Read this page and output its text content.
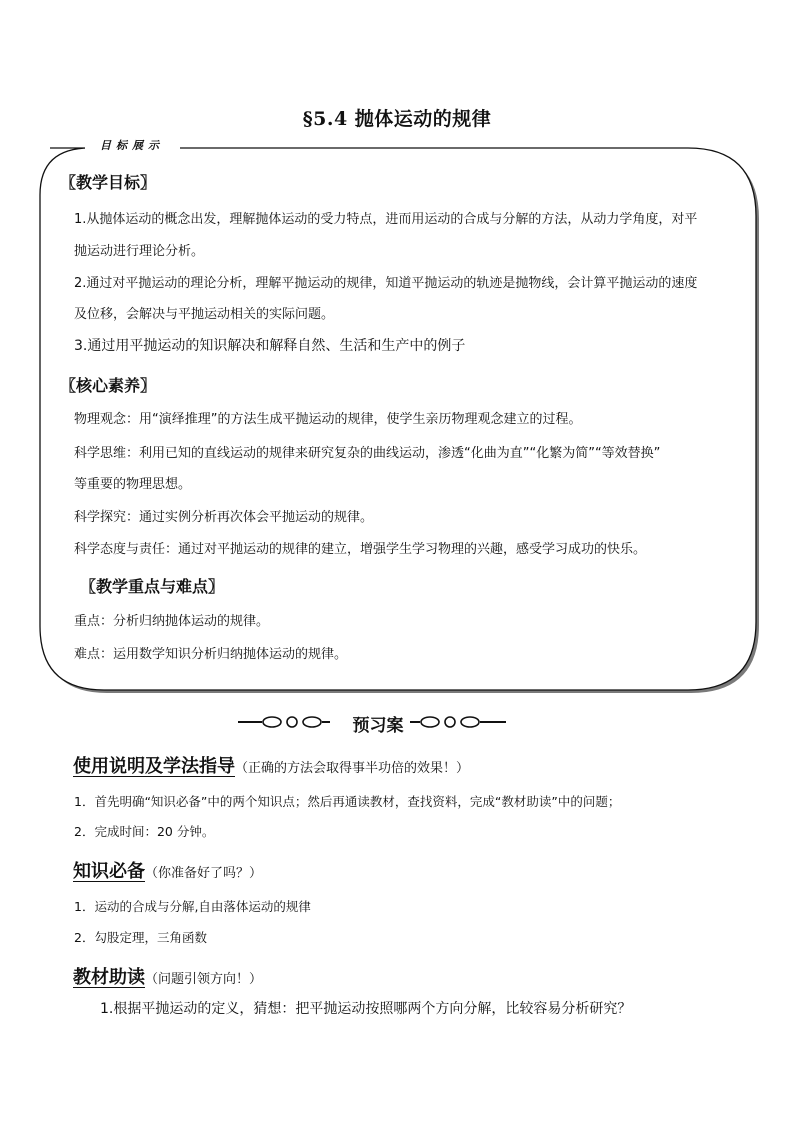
§5.4 抛体运动的规律
目标展示
〖教学目标〗
1.从抛体运动的概念出发，理解抛体运动的受力特点，进而用运动的合成与分解的方法，从动力学角度，对平
抛运动进行理论分析。
2.通过对平抛运动的理论分析，理解平抛运动的规律，知道平抛运动的轨迹是抛物线，会计算平抛运动的速度
及位移，会解决与平抛运动相关的实际问题。
3.通过用平抛运动的知识解决和解释自然、生活和生产中的例子
〖核心素养〗
物理观念：用“演绎推理”的方法生成平抛运动的规律，使学生亲历物理观念建立的过程。
科学思维：利用已知的直线运动的规律来研究复杂的曲线运动，渗透“化曲为直”“化繁为简”“等效替换”
等重要的物理思想。
科学探究：通过实例分析再次体会平抛运动的规律。
科学态度与责任：通过对平抛运动的规律的建立，增强学生学习物理的兴趣，感受学习成功的快乐。
〖教学重点与难点〗
重点：分析归纳抛体运动的规律。
难点：运用数学知识分析归纳抛体运动的规律。
预习案
使用说明及学法指导（正确的方法会取得事半功倍的效果！）
1．首先明确“知识必备”中的两个知识点；然后再通读教材，查找资料，完成“教材助读”中的问题；
2．完成时间：20 分钟。
知识必备（你准备好了吗？）
1．运动的合成与分解,自由落体运动的规律
2．勾股定理，三角函数
教材助读（问题引领方向！）
1.根据平抛运动的定义，猜想：把平抛运动按照哪两个方向分解，比较容易分析研究？
